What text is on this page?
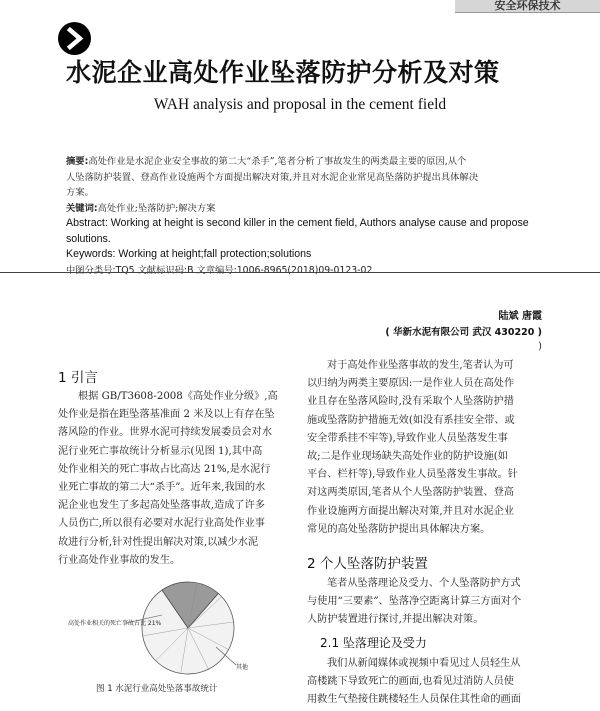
安全环保技术
水泥企业高处作业坠落防护分析及对策
WAH analysis and proposal in the cement field
摘要:高处作业是水泥企业安全事故的第二大“杀手”,笔者分析了事故发生的两类最主要的原因,从个
人坠落防护装置、登高作业设施两个方面提出解决对策,并且对水泥企业常见高坠落防护提出具体解决
方案。
关键词:高处作业;坠落防护;解决方案
Abstract: Working at height is second killer in the cement field, Authors analyse cause and propose solutions.
Keywords: Working at height;fall protection;solutions
中图分类号:TQ5 文献标识码:B 文章编号:1006-8965(2018)09-0123-02
陆斌 唐霞
( 华新水泥有限公司 武汉 430220 )
)
1 引言
根据 GB/T3608-2008《高处作业分级》,高
处作业是指在距坠落基准面 2 米及以上有存在坠
落风险的作业。世界水泥可持续发展委员会对水
泥行业死亡事故统计分析显示(见图 1),其中高
处作业相关的死亡事故占比高达 21%,是水泥行
业死亡事故的第二大“杀手”。近年来,我国的水
泥企业也发生了多起高处坠落事故,造成了许多
人员伤亡,所以很有必要对水泥行业高处作业事
故进行分析,针对性提出解决对策,以减少水泥
行业高处作业事故的发生。
高处作业相关的死亡事故占比 21%
其他
图 1 水泥行业高处坠落事故统计
对于高处作业坠落事故的发生,笔者认为可
以归纳为两类主要原因:一是作业人员在高处作
业且存在坠落风险时,没有采取个人坠落防护措
施或坠落防护措施无效(如没有系挂安全带、或
安全带系挂不牢等),导致作业人员坠落发生事
故;二是作业现场缺失高处作业的防护设施(如
平台、栏杆等),导致作业人员坠落发生事故。针
对这两类原因,笔者从个人坠落防护装置、登高
作业设施两方面提出解决对策,并且对水泥企业
常见的高处坠落防护提出具体解决方案。
2 个人坠落防护装置
笔者从坠落理论及受力、个人坠落防护方式
与使用“三要素”、坠落净空距离计算三方面对个
人防护装置进行探讨,并提出解决对策。
2.1 坠落理论及受力
我们从新闻媒体或视频中看见过人员轻生从
高楼跳下导致死亡的画面,也看见过消防人员使
用救生气垫接住跳楼轻生人员保住其性命的画面
